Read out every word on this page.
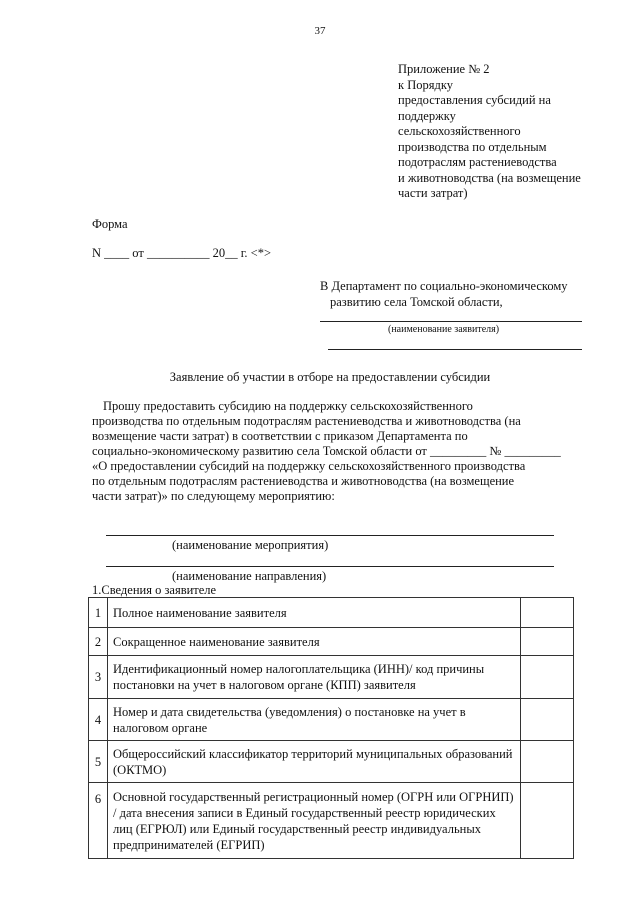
37
Приложение № 2
к Порядку
предоставления субсидий на
поддержку
сельскохозяйственного
производства по отдельным
подотраслям растениеводства
и животноводства (на возмещение
части затрат)
Форма
N ____ от __________ 20__ г. <*>
В Департамент по социально-экономическому
развитию села Томской области,
(наименование заявителя)
Заявление об участии в отборе на предоставлении субсидии
Прошу предоставить субсидию на поддержку сельскохозяйственного
производства по отдельным подотраслям растениеводства и животноводства (на
возмещение части затрат) в соответствии с приказом Департамента по
социально-экономическому развитию села Томской области от _________ № _________
«О предоставлении субсидий на поддержку сельскохозяйственного производства
по отдельным подотраслям растениеводства и животноводства (на возмещение
части затрат)» по следующему мероприятию:
(наименование мероприятия)
(наименование направления)
1.Сведения о заявителе
1	Полное наименование заявителя	
2	Сокращенное наименование заявителя	
3	Идентификационный номер налогоплательщика (ИНН)/ код причины постановки на учет в налоговом органе (КПП) заявителя	
4	Номер и дата свидетельства (уведомления) о постановке на учет в налоговом органе	
5	Общероссийский классификатор территорий муниципальных образований (ОКТМО)	
6	Основной государственный регистрационный номер (ОГРН или ОГРНИП) / дата внесения записи в Единый государственный реестр юридических лиц (ЕГРЮЛ) или Единый государственный реестр индивидуальных предпринимателей (ЕГРИП)	
